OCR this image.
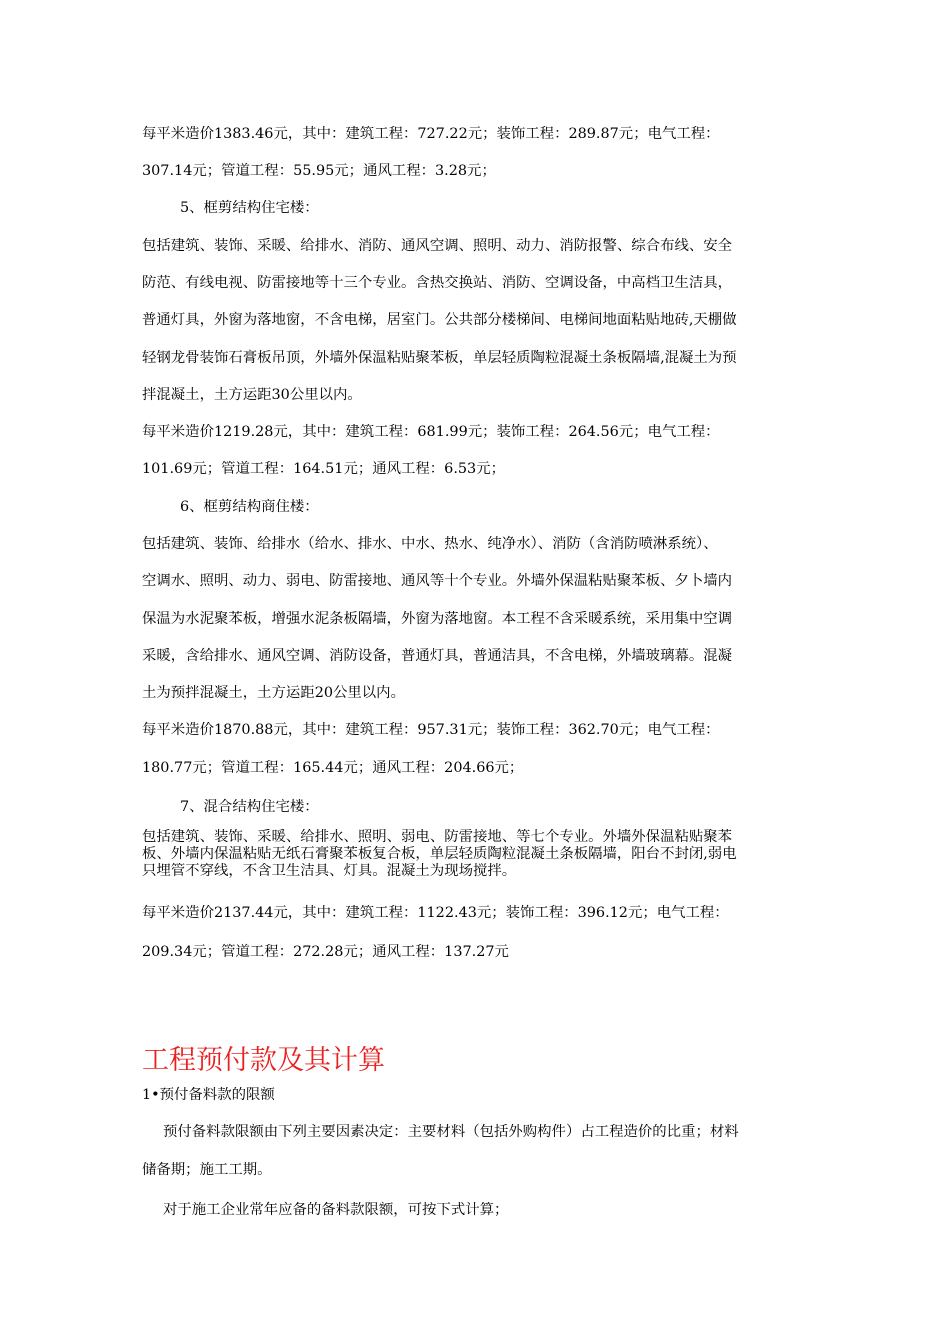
每平米造价1383.46元，其中：建筑工程：727.22元；装饰工程：289.87元；电气工程：
307.14元；管道工程：55.95元；通风工程：3.28元；
5、框剪结构住宅楼：
包括建筑、装饰、采暖、给排水、消防、通风空调、照明、动力、消防报警、综合布线、安全
防范、有线电视、防雷接地等十三个专业。含热交换站、消防、空调设备，中高档卫生洁具，
普通灯具，外窗为落地窗，不含电梯，居室门。公共部分楼梯间、电梯间地面粘贴地砖,天棚做
轻钢龙骨装饰石膏板吊顶，外墙外保温粘贴聚苯板，单层轻质陶粒混凝土条板隔墙,混凝土为预
拌混凝土，土方运距30公里以内。
每平米造价1219.28元，其中：建筑工程：681.99元；装饰工程：264.56元；电气工程：
101.69元；管道工程：164.51元；通风工程：6.53元；
6、框剪结构商住楼：
包括建筑、装饰、给排水（给水、排水、中水、热水、纯净水）、消防（含消防喷淋系统）、
空调水、照明、动力、弱电、防雷接地、通风等十个专业。外墙外保温粘贴聚苯板、夕卜墙内
保温为水泥聚苯板，增强水泥条板隔墙，外窗为落地窗。本工程不含采暖系统，采用集中空调
采暖，含给排水、通风空调、消防设备，普通灯具，普通洁具，不含电梯，外墙玻璃幕。混凝
土为预拌混凝土，土方运距20公里以内。
每平米造价1870.88元，其中：建筑工程：957.31元；装饰工程：362.70元；电气工程：
180.77元；管道工程：165.44元；通风工程：204.66元；
7、混合结构住宅楼：
包括建筑、装饰、采暖、给排水、照明、弱电、防雷接地、等七个专业。外墙外保温粘贴聚苯
板、外墙内保温粘贴无纸石膏聚苯板复合板，单层轻质陶粒混凝土条板隔墙，阳台不封闭,弱电
只埋管不穿线，不含卫生洁具、灯具。混凝土为现场搅拌。
每平米造价2137.44元，其中：建筑工程：1122.43元；装饰工程：396.12元；电气工程：
209.34元；管道工程：272.28元；通风工程：137.27元
工程预付款及其计算
1•预付备料款的限额
预付备料款限额由下列主要因素决定：主要材料（包括外购构件）占工程造价的比重；材料
储备期；施工工期。
对于施工企业常年应备的备料款限额，可按下式计算；
